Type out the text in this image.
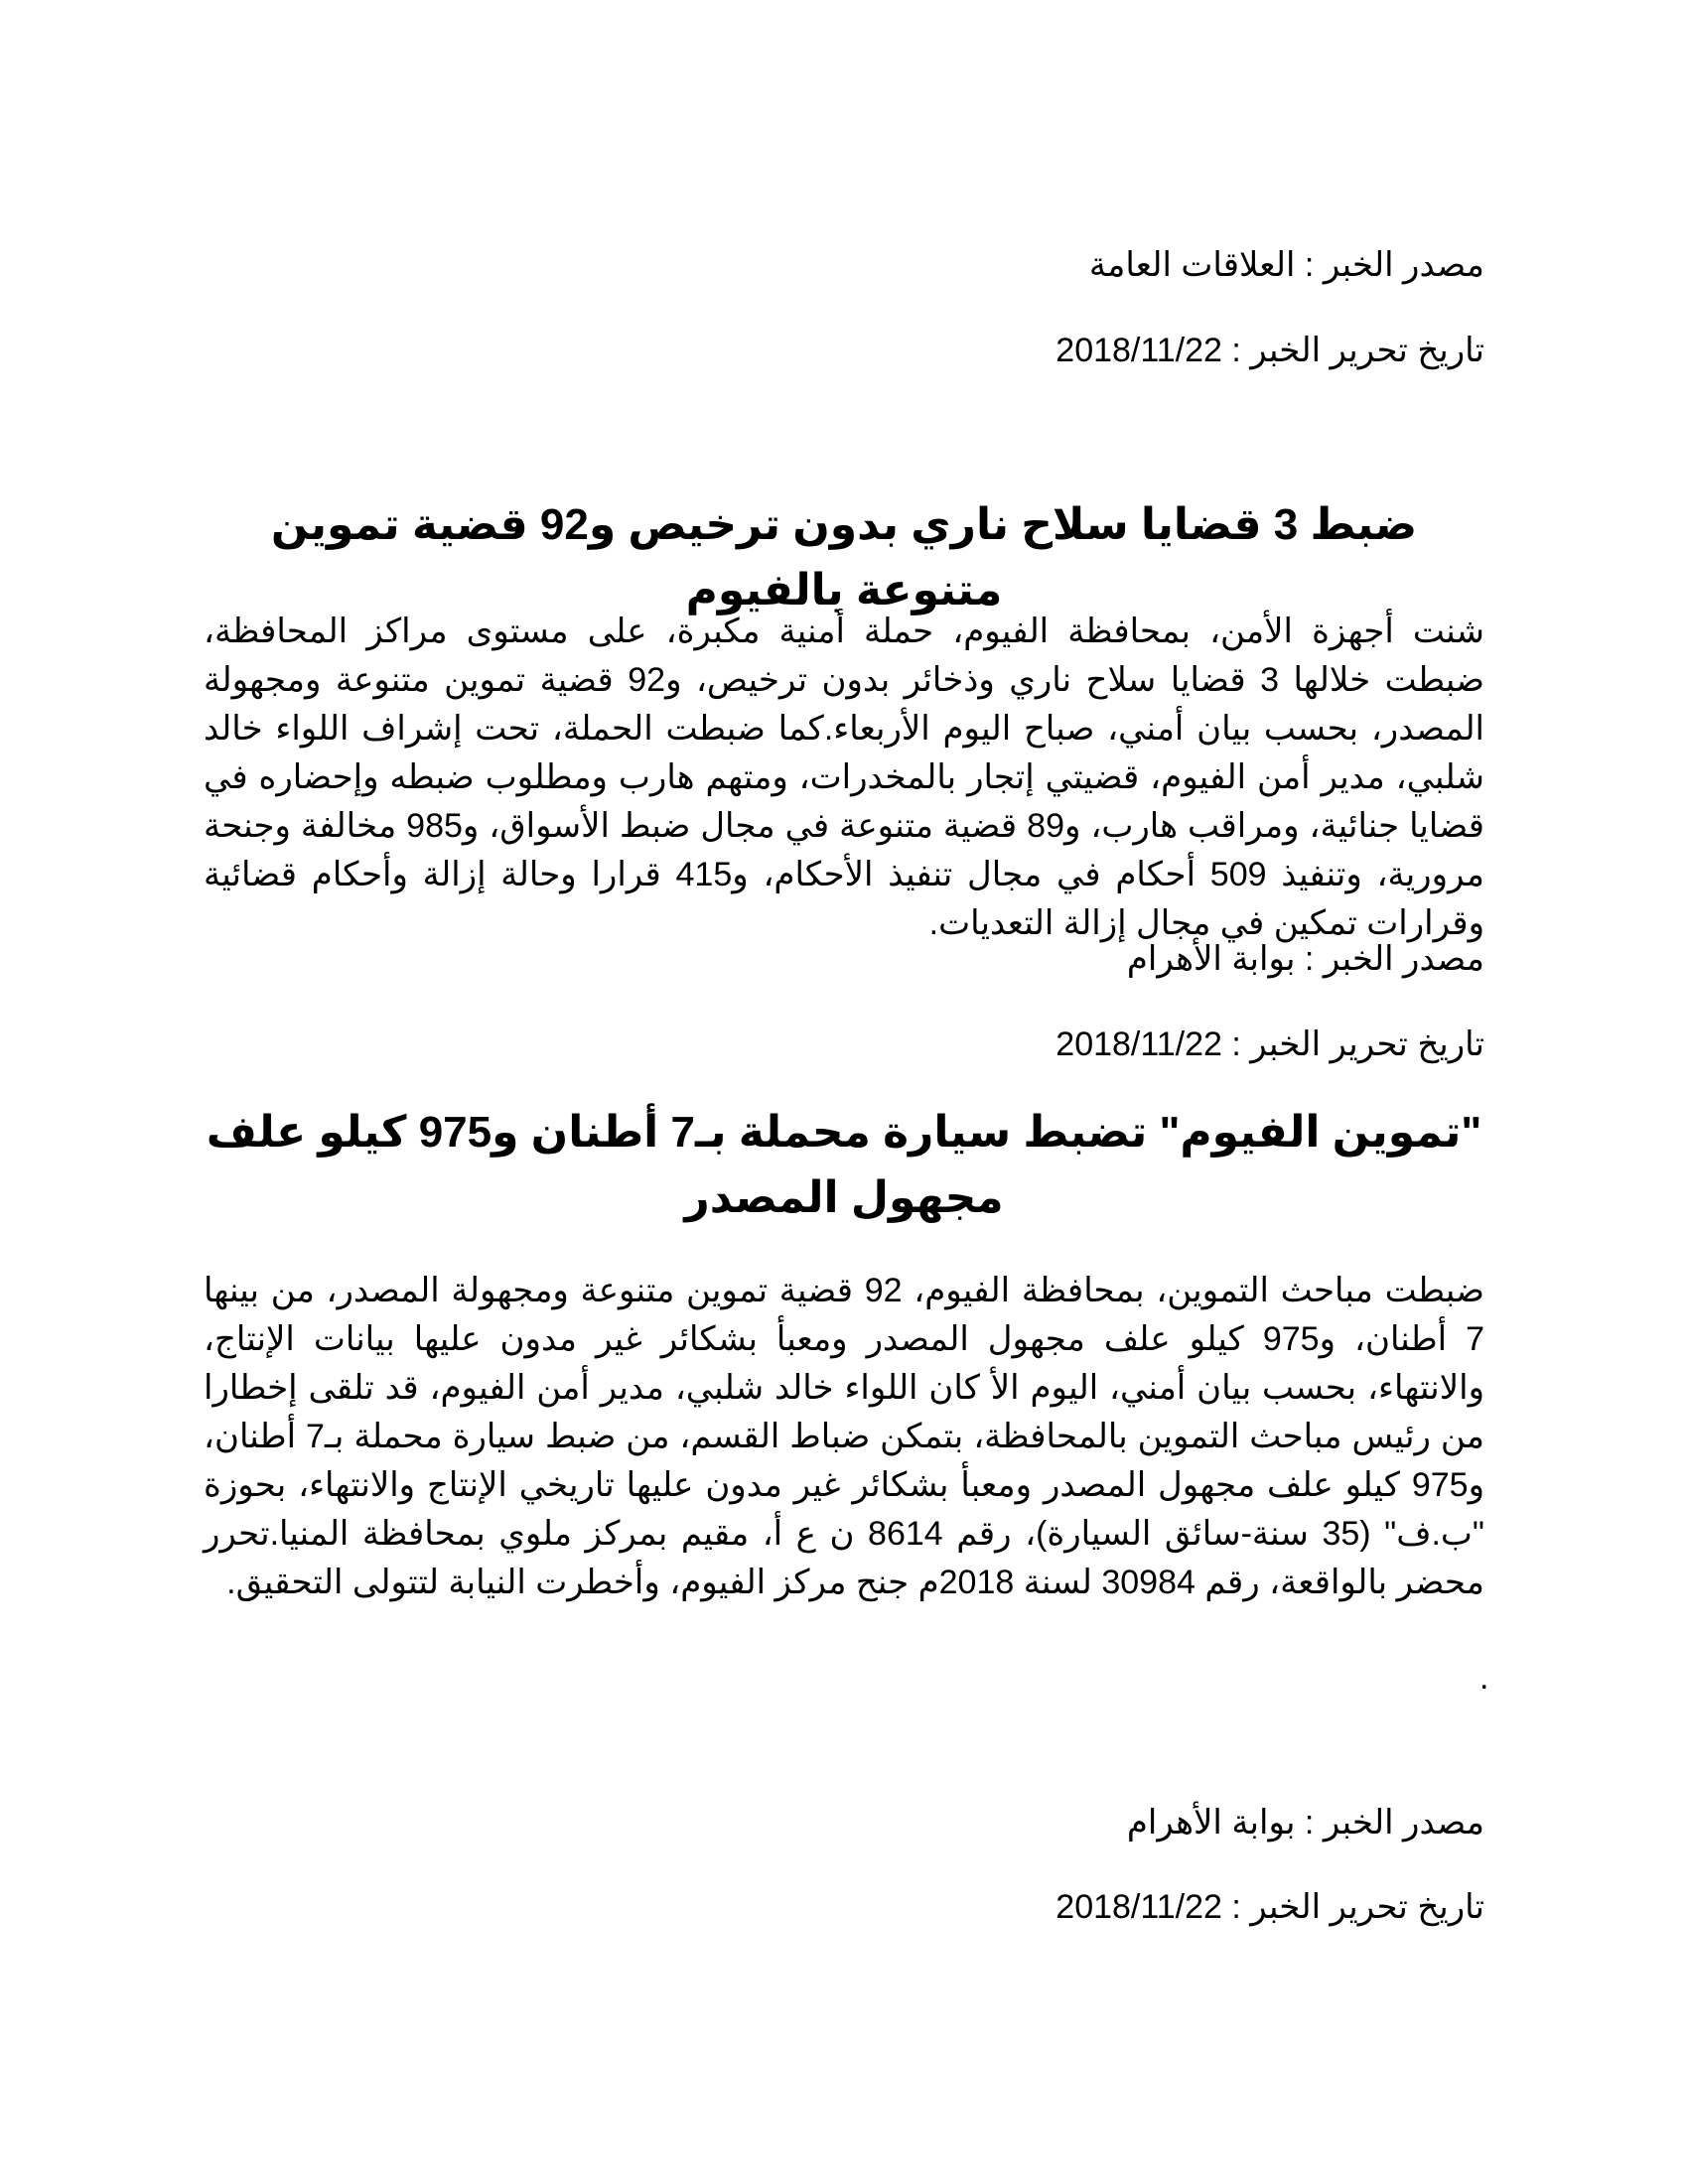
مصدر الخبر : العلاقات العامة
تاريخ تحرير الخبر : 2018/11/22
ضبط 3 قضايا سلاح ناري بدون ترخيص و92 قضية تموين متنوعة بالفيوم
شنت أجهزة الأمن، بمحافظة الفيوم، حملة أمنية مكبرة، على مستوى مراكز المحافظة، ضبطت خلالها 3 قضايا سلاح ناري وذخائر بدون ترخيص، و92 قضية تموين متنوعة ومجهولة المصدر، بحسب بيان أمني، صباح اليوم الأربعاء.كما ضبطت الحملة، تحت إشراف اللواء خالد شلبي، مدير أمن الفيوم، قضيتي إتجار بالمخدرات، ومتهم هارب ومطلوب ضبطه وإحضاره في قضايا جنائية، ومراقب هارب، و89 قضية متنوعة في مجال ضبط الأسواق، و985 مخالفة وجنحة مرورية، وتنفيذ 509 أحكام في مجال تنفيذ الأحكام، و415 قرارا وحالة إزالة وأحكام قضائية وقرارات تمكين في مجال إزالة التعديات.
مصدر الخبر : بوابة الأهرام
تاريخ تحرير الخبر : 2018/11/22
"تموين الفيوم" تضبط سيارة محملة بـ7 أطنان و975 كيلو علف مجهول المصدر
ضبطت مباحث التموين، بمحافظة الفيوم، 92 قضية تموين متنوعة ومجهولة المصدر، من بينها 7 أطنان، و975 كيلو علف مجهول المصدر ومعبأ بشكائر غير مدون عليها بيانات الإنتاج، والانتهاء، بحسب بيان أمني، اليوم الأ كان اللواء خالد شلبي، مدير أمن الفيوم، قد تلقى إخطارا من رئيس مباحث التموين بالمحافظة، بتمكن ضباط القسم، من ضبط سيارة محملة بـ7 أطنان، و975 كيلو علف مجهول المصدر ومعبأ بشكائر غير مدون عليها تاريخي الإنتاج والانتهاء، بحوزة "ب.ف" (35 سنة-سائق السيارة)، رقم 8614 ن ع أ، مقيم بمركز ملوي بمحافظة المنيا.تحرر محضر بالواقعة، رقم 30984 لسنة 2018م جنح مركز الفيوم، وأخطرت النيابة لتتولى التحقيق.
.
مصدر الخبر : بوابة الأهرام
تاريخ تحرير الخبر : 2018/11/22
